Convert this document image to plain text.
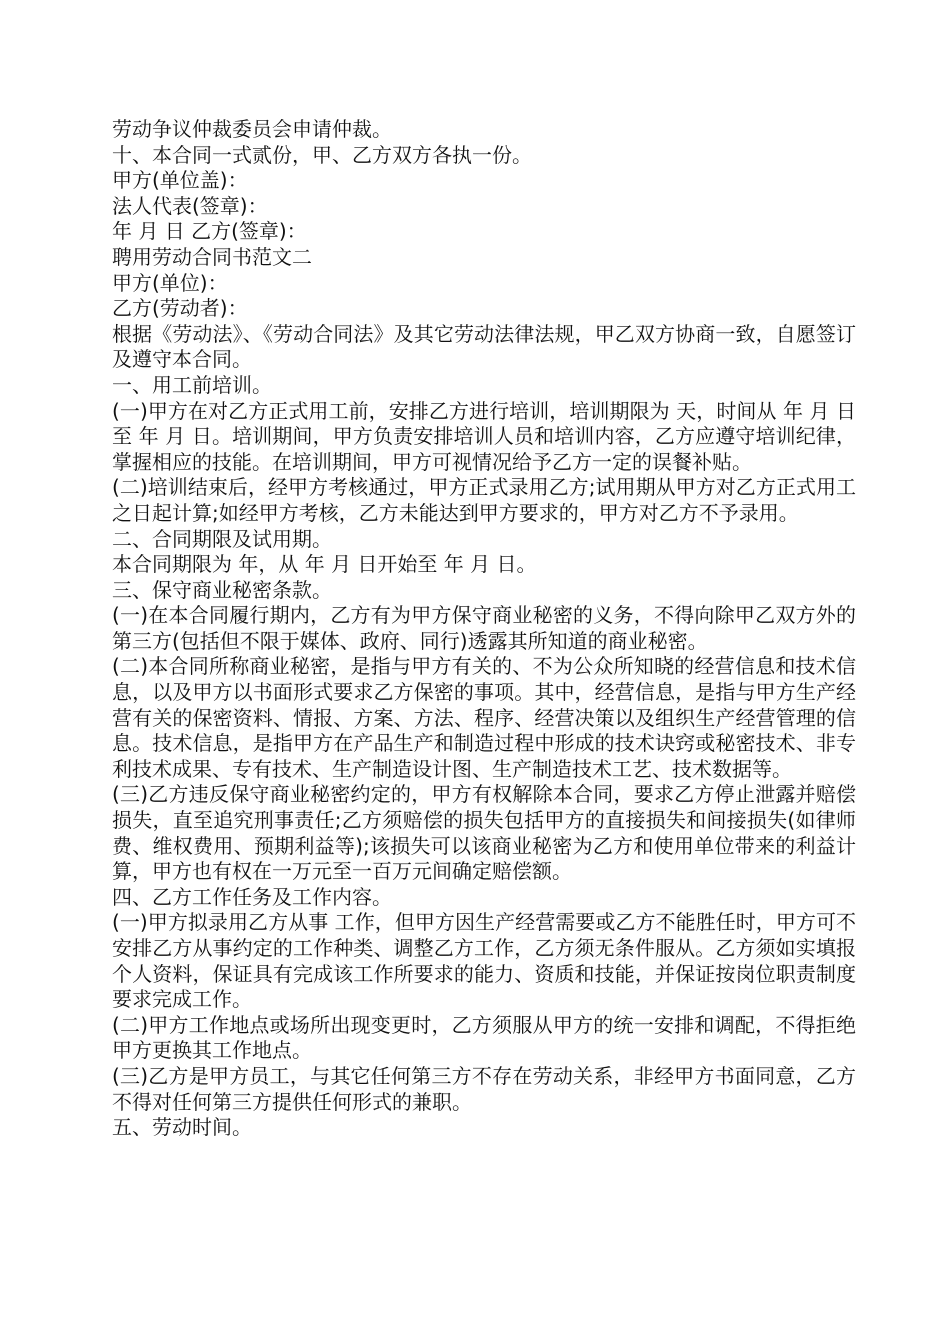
劳动争议仲裁委员会申请仲裁。

十、本合同一式贰份，甲、乙方双方各执一份。

甲方(单位盖)：

法人代表(签章)：

年 月 日 乙方(签章)：

聘用劳动合同书范文二

甲方(单位)：

乙方(劳动者)：

根据《劳动法》、《劳动合同法》及其它劳动法律法规，甲乙双方协商一致，自愿签订及遵守本合同。

一、用工前培训。

(一)甲方在对乙方正式用工前，安排乙方进行培训，培训期限为 天，时间从 年 月 日至 年 月 日。培训期间，甲方负责安排培训人员和培训内容，乙方应遵守培训纪律，掌握相应的技能。在培训期间，甲方可视情况给予乙方一定的误餐补贴。

(二)培训结束后，经甲方考核通过，甲方正式录用乙方;试用期从甲方对乙方正式用工之日起计算;如经甲方考核，乙方未能达到甲方要求的，甲方对乙方不予录用。

二、合同期限及试用期。

本合同期限为 年，从 年 月 日开始至 年 月 日。

三、保守商业秘密条款。

(一)在本合同履行期内，乙方有为甲方保守商业秘密的义务，不得向除甲乙双方外的第三方(包括但不限于媒体、政府、同行)透露其所知道的商业秘密。

(二)本合同所称商业秘密，是指与甲方有关的、不为公众所知晓的经营信息和技术信息，以及甲方以书面形式要求乙方保密的事项。其中，经营信息，是指与甲方生产经营有关的保密资料、情报、方案、方法、程序、经营决策以及组织生产经营管理的信息。技术信息，是指甲方在产品生产和制造过程中形成的技术诀窍或秘密技术、非专利技术成果、专有技术、生产制造设计图、生产制造技术工艺、技术数据等。

(三)乙方违反保守商业秘密约定的，甲方有权解除本合同，要求乙方停止泄露并赔偿损失，直至追究刑事责任;乙方须赔偿的损失包括甲方的直接损失和间接损失(如律师费、维权费用、预期利益等);该损失可以该商业秘密为乙方和使用单位带来的利益计算，甲方也有权在一万元至一百万元间确定赔偿额。

四、乙方工作任务及工作内容。

(一)甲方拟录用乙方从事 工作，但甲方因生产经营需要或乙方不能胜任时，甲方可不安排乙方从事约定的工作种类、调整乙方工作，乙方须无条件服从。乙方须如实填报个人资料，保证具有完成该工作所要求的能力、资质和技能，并保证按岗位职责制度要求完成工作。

(二)甲方工作地点或场所出现变更时，乙方须服从甲方的统一安排和调配，不得拒绝甲方更换其工作地点。

(三)乙方是甲方员工，与其它任何第三方不存在劳动关系，非经甲方书面同意，乙方不得对任何第三方提供任何形式的兼职。

五、劳动时间。
